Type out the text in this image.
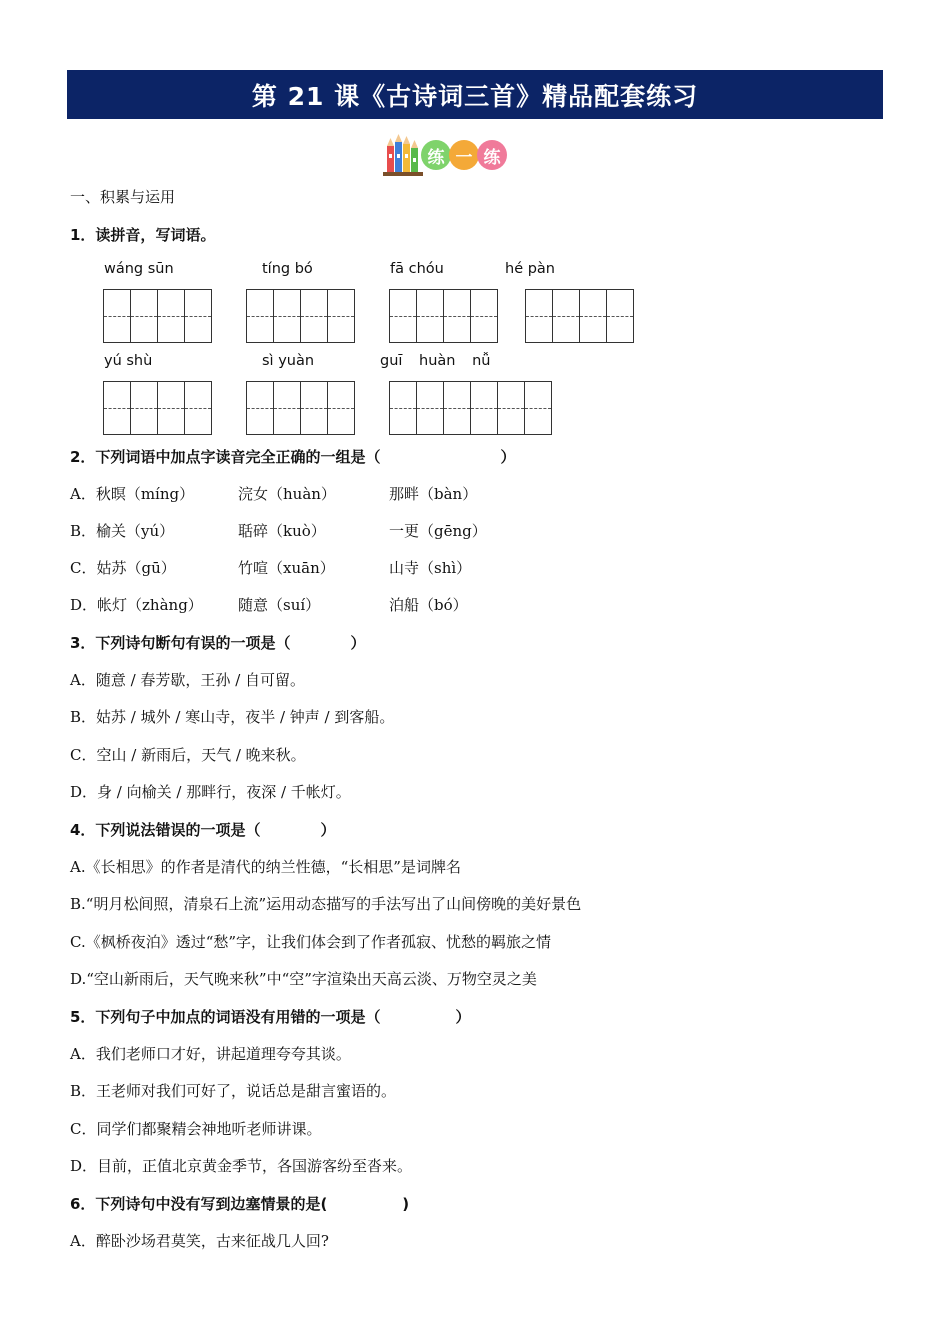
第 21 课《古诗词三首》精品配套练习
练 一 练
一、积累与运用
1．读拼音，写词语。
wáng sūn	tíng bó	fā chóu	hé pàn
yú shù	sì yuàn	guī huàn nǚ
2．下列词语中加点字读音完全正确的一组是（　　　　　　　　）
A．秋暝（míng）	浣女（huàn）	那畔（bàn）
B．榆关（yú）	聒碎（kuò）	一更（gēng）
C．姑苏（gū）	竹喧（xuān）	山寺（shì）
D．帐灯（zhàng） 随意（suí）	泊船（bó）
3．下列诗句断句有误的一项是（　　　　）
A．随意 / 春芳歇，王孙 / 自可留。
B．姑苏 / 城外 / 寒山寺，夜半 / 钟声 / 到客船。
C．空山 / 新雨后，天气 / 晚来秋。
D．身 / 向榆关 / 那畔行，夜深 / 千帐灯。
4．下列说法错误的一项是（　　　　）
A.《长相思》的作者是清代的纳兰性德，“长相思”是词牌名
B.“明月松间照，清泉石上流”运用动态描写的手法写出了山间傍晚的美好景色
C.《枫桥夜泊》透过“愁”字，让我们体会到了作者孤寂、忧愁的羁旅之情
D.“空山新雨后，天气晚来秋”中“空”字渲染出天高云淡、万物空灵之美
5．下列句子中加点的词语没有用错的一项是（　　　　　）
A．我们老师口才好，讲起道理夸夸其谈。
B．王老师对我们可好了，说话总是甜言蜜语的。
C．同学们都聚精会神地听老师讲课。
D．目前，正值北京黄金季节，各国游客纷至沓来。
6．下列诗句中没有写到边塞情景的是(　　　　　)
A．醉卧沙场君莫笑，古来征战几人回?
